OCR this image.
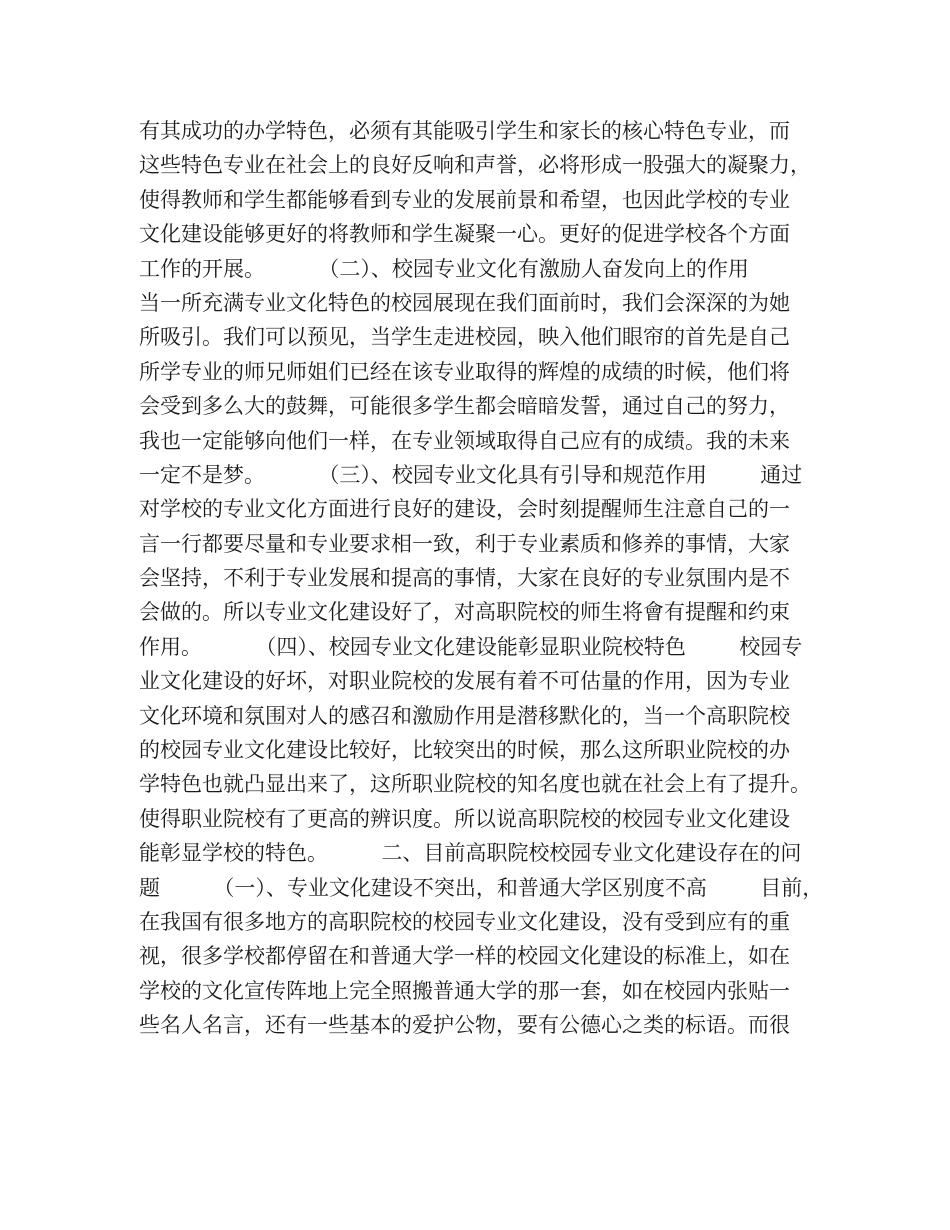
有其成功的办学特色，必须有其能吸引学生和家长的核心特色专业，而
这些特色专业在社会上的良好反响和声誉，必将形成一股强大的凝聚力，
使得教师和学生都能够看到专业的发展前景和希望，也因此学校的专业
文化建设能够更好的将教师和学生凝聚一心。更好的促进学校各个方面
工作的开展。        （二）、校园专业文化有激励人奋发向上的作用
当一所充满专业文化特色的校园展现在我们面前时，我们会深深的为她
所吸引。我们可以预见，当学生走进校园，映入他们眼帘的首先是自己
所学专业的师兄师姐们已经在该专业取得的辉煌的成绩的时候，他们将
会受到多么大的鼓舞，可能很多学生都会暗暗发誓，通过自己的努力，
我也一定能够向他们一样，在专业领域取得自己应有的成绩。我的未来
一定不是梦。        （三）、校园专业文化具有引导和规范作用        通过
对学校的专业文化方面进行良好的建设，会时刻提醒师生注意自己的一
言一行都要尽量和专业要求相一致，利于专业素质和修养的事情，大家
会坚持，不利于专业发展和提高的事情，大家在良好的专业氛围内是不
会做的。所以专业文化建设好了，对高职院校的师生将會有提醒和约束
作用。        （四）、校园专业文化建设能彰显职业院校特色        校园专
业文化建设的好坏，对职业院校的发展有着不可估量的作用，因为专业
文化环境和氛围对人的感召和激励作用是潜移默化的，当一个高职院校
的校园专业文化建设比较好，比较突出的时候，那么这所职业院校的办
学特色也就凸显出来了，这所职业院校的知名度也就在社会上有了提升。
使得职业院校有了更高的辨识度。所以说高职院校的校园专业文化建设
能彰显学校的特色。        二、目前高职院校校园专业文化建设存在的问
题        （一）、专业文化建设不突出，和普通大学区别度不高        目前，
在我国有很多地方的高职院校的校园专业文化建设，没有受到应有的重
视，很多学校都停留在和普通大学一样的校园文化建设的标准上，如在
学校的文化宣传阵地上完全照搬普通大学的那一套，如在校园内张贴一
些名人名言，还有一些基本的爱护公物，要有公德心之类的标语。而很
